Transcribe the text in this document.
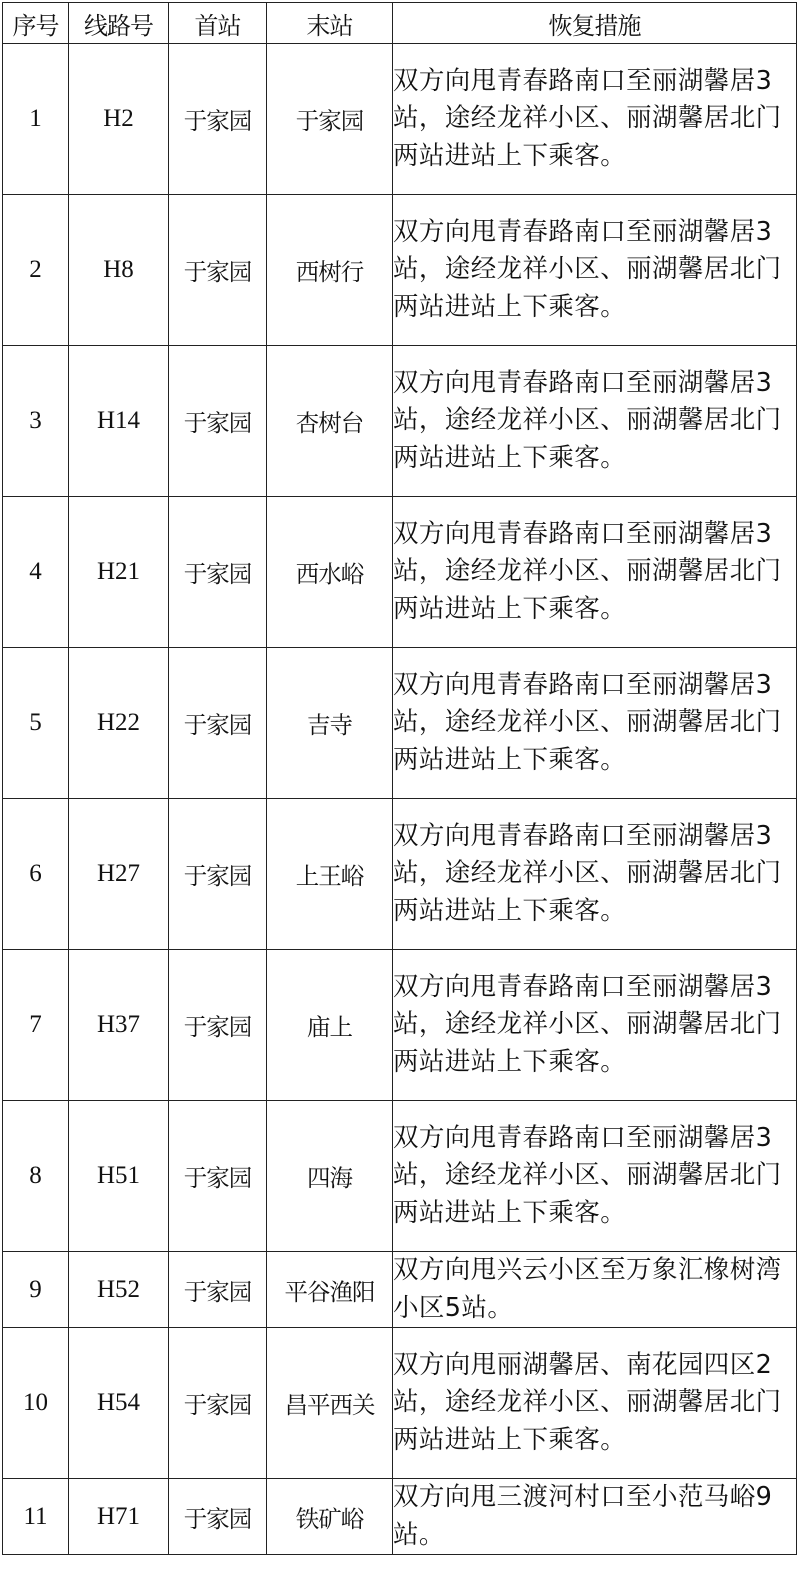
序号	线路号	首站	末站	恢复措施
1	H2	于家园	于家园	双方向甩青春路南口至丽湖馨居3站，途经龙祥小区、丽湖馨居北门两站进站上下乘客。
2	H8	于家园	西树行	双方向甩青春路南口至丽湖馨居3站，途经龙祥小区、丽湖馨居北门两站进站上下乘客。
3	H14	于家园	杏树台	双方向甩青春路南口至丽湖馨居3站，途经龙祥小区、丽湖馨居北门两站进站上下乘客。
4	H21	于家园	西水峪	双方向甩青春路南口至丽湖馨居3站，途经龙祥小区、丽湖馨居北门两站进站上下乘客。
5	H22	于家园	吉寺	双方向甩青春路南口至丽湖馨居3站，途经龙祥小区、丽湖馨居北门两站进站上下乘客。
6	H27	于家园	上王峪	双方向甩青春路南口至丽湖馨居3站，途经龙祥小区、丽湖馨居北门两站进站上下乘客。
7	H37	于家园	庙上	双方向甩青春路南口至丽湖馨居3站，途经龙祥小区、丽湖馨居北门两站进站上下乘客。
8	H51	于家园	四海	双方向甩青春路南口至丽湖馨居3站，途经龙祥小区、丽湖馨居北门两站进站上下乘客。
9	H52	于家园	平谷渔阳	双方向甩兴云小区至万象汇橡树湾小区5站。
10	H54	于家园	昌平西关	双方向甩丽湖馨居、南花园四区2站，途经龙祥小区、丽湖馨居北门两站进站上下乘客。
11	H71	于家园	铁矿峪	双方向甩三渡河村口至小范马峪9站。
